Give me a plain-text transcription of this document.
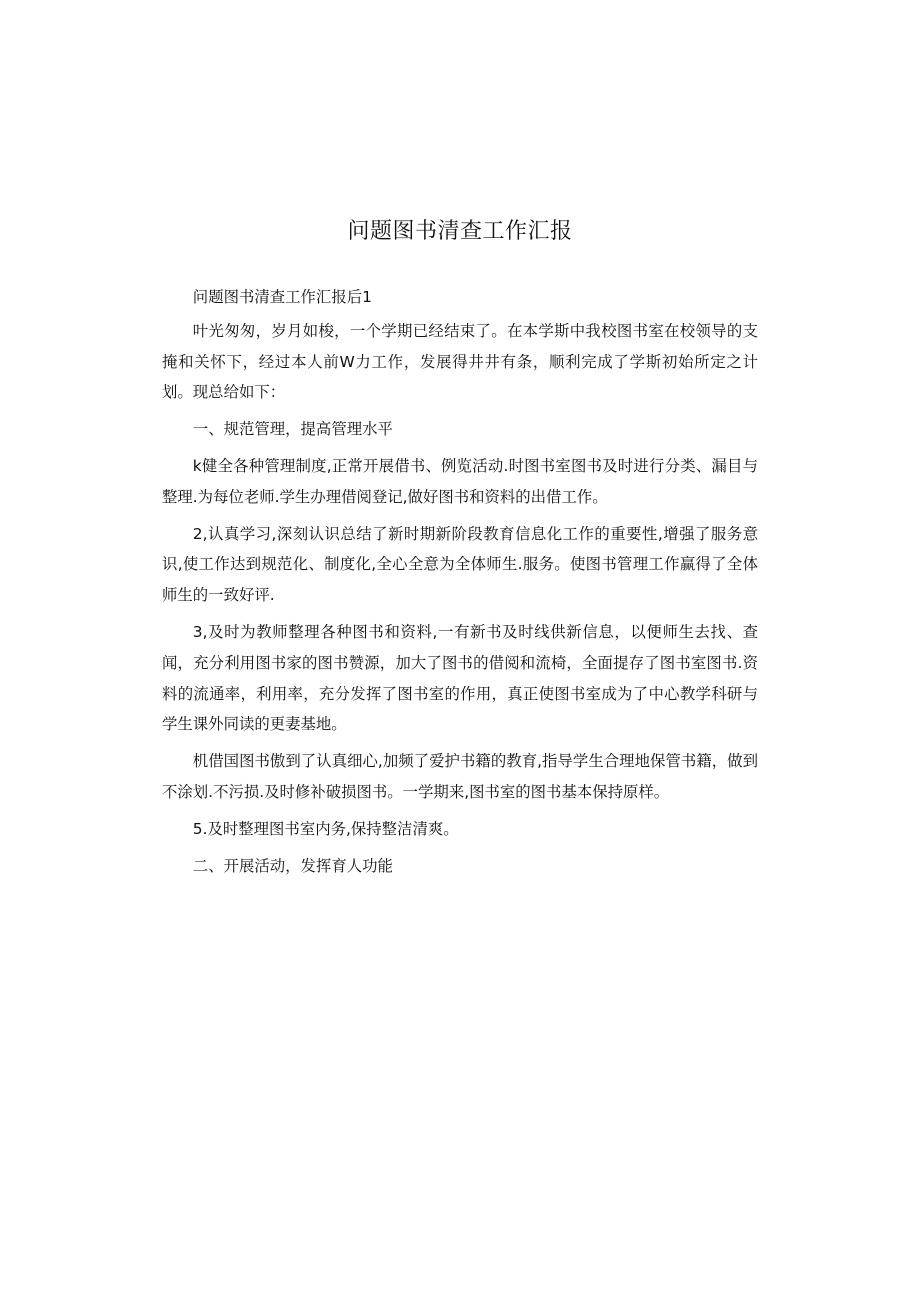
问题图书清查工作汇报

问题图书清查工作汇报后1

叶光匆匆，岁月如梭，一个学期已经结束了。在本学斯中我校图书室在校领导的支掩和关怀下，经过本人前W力工作，发展得井井有条，顺利完成了学斯初始所定之计划。现总给如下：

一、规范管理，提高管理水平

k健全各种管理制度,正常开展借书、例览活动.时图书室图书及时进行分类、漏目与整理.为每位老师.学生办理借阅登记,做好图书和资料的出借工作。

2,认真学习,深刻认识总结了新时期新阶段教育信息化工作的重要性,增强了服务意识,使工作达到规范化、制度化,全心全意为全体师生.服务。使图书管理工作赢得了全体师生的一致好评.

3,及时为教师整理各种图书和资料,一有新书及时线供新信息，以便师生去找、查闻，充分利用图书家的图书赞源，加大了图书的借阅和流椅，全面提存了图书室图书.资料的流通率，利用率，充分发挥了图书室的作用，真正使图书室成为了中心教学科研与学生课外同读的更妻基地。

机借国图书傲到了认真细心,加频了爱护书籍的教育,指导学生合理地保管书籍，做到不涂划.不污损.及时修补破损图书。一学期来,图书室的图书基本保持原样。

5.及时整理图书室内务,保持整洁清爽。

二、开展活动，发挥育人功能
